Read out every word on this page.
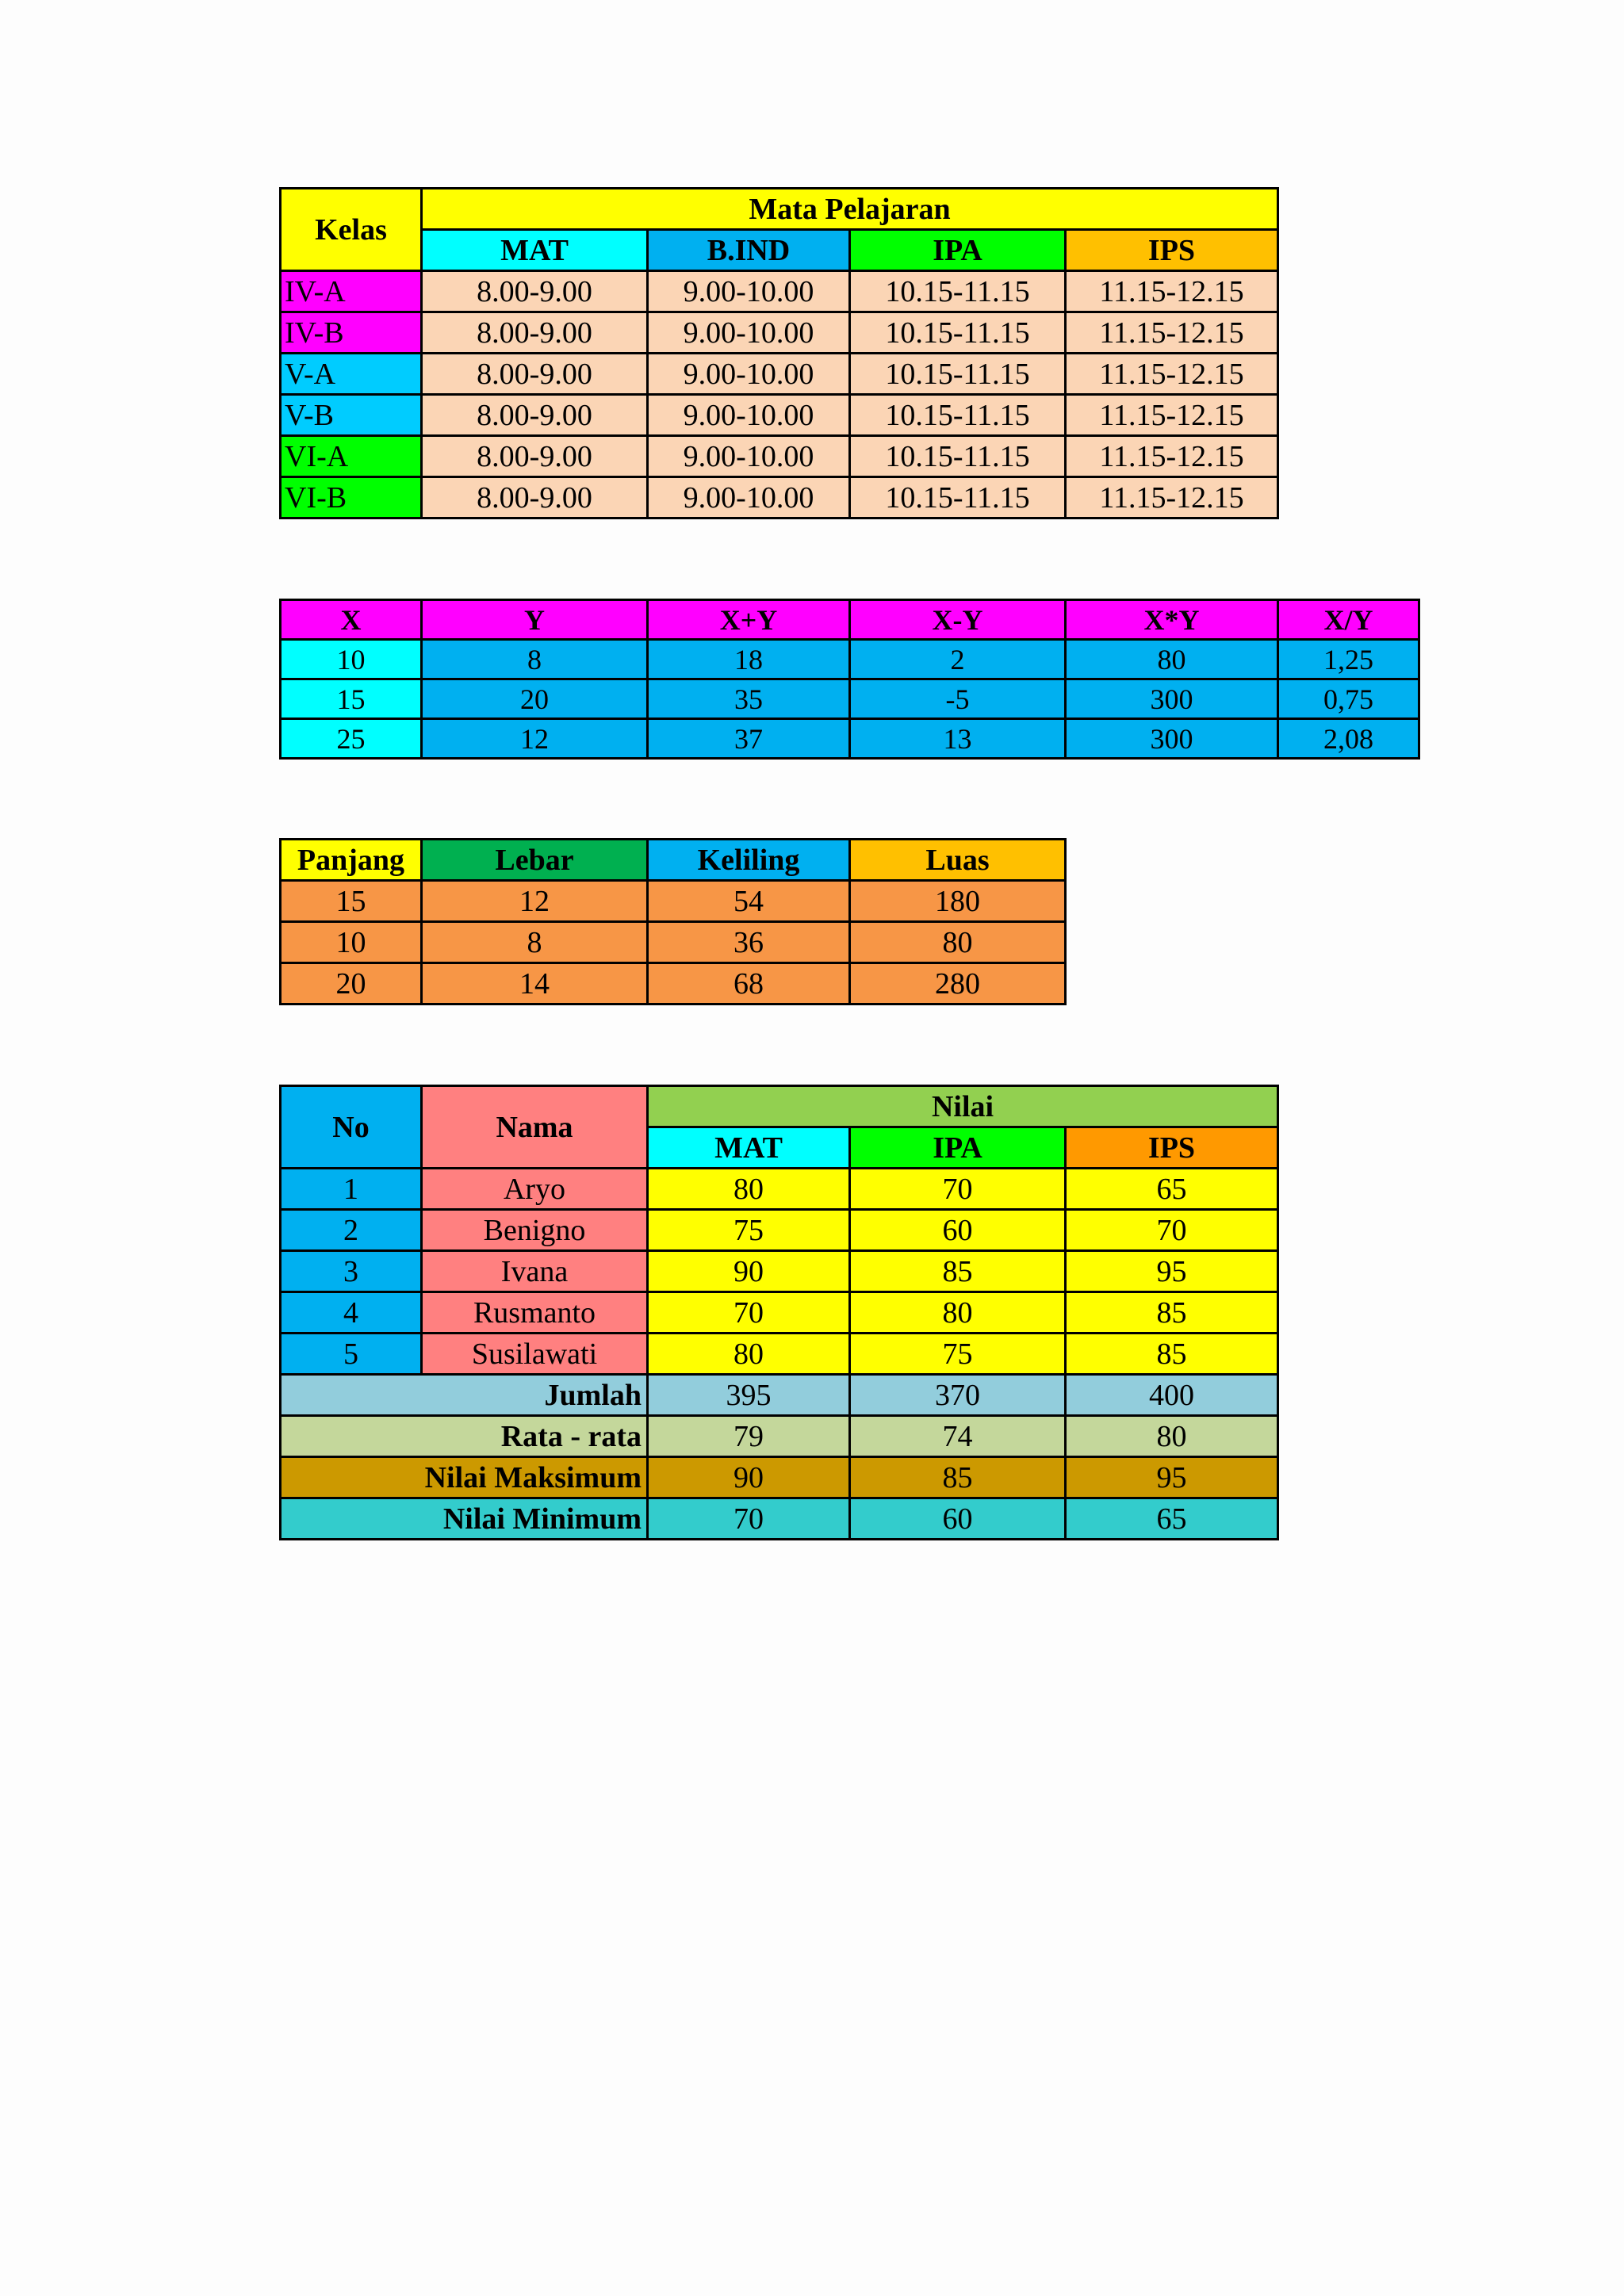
Kelas	Mata Pelajaran			
	MAT	B.IND	IPA	IPS
IV-A	8.00-9.00	9.00-10.00	10.15-11.15	11.15-12.15
IV-B	8.00-9.00	9.00-10.00	10.15-11.15	11.15-12.15
V-A	8.00-9.00	9.00-10.00	10.15-11.15	11.15-12.15
V-B	8.00-9.00	9.00-10.00	10.15-11.15	11.15-12.15
VI-A	8.00-9.00	9.00-10.00	10.15-11.15	11.15-12.15
VI-B	8.00-9.00	9.00-10.00	10.15-11.15	11.15-12.15
X	Y	X+Y	X-Y	X*Y	X/Y
10	8	18	2	80	1,25
15	20	35	-5	300	0,75
25	12	37	13	300	2,08
Panjang	Lebar	Keliling	Luas
15	12	54	180
10	8	36	80
20	14	68	280
No	Nama	Nilai		
		MAT	IPA	IPS
1	Aryo	80	70	65
2	Benigno	75	60	70
3	Ivana	90	85	95
4	Rusmanto	70	80	85
5	Susilawati	80	75	85
Jumlah		395	370	400
Rata - rata		79	74	80
Nilai Maksimum		90	85	95
Nilai Minimum		70	60	65
